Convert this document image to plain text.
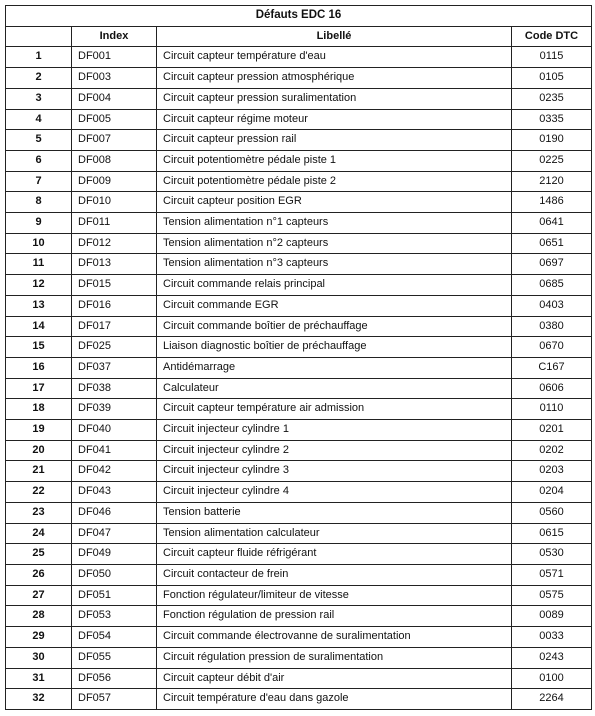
Défauts EDC 16			
	Index	Libellé	Code DTC
1	DF001	Circuit capteur température d'eau	0115
2	DF003	Circuit capteur pression atmosphérique	0105
3	DF004	Circuit capteur pression suralimentation	0235
4	DF005	Circuit capteur régime moteur	0335
5	DF007	Circuit capteur pression rail	0190
6	DF008	Circuit potentiomètre pédale piste 1	0225
7	DF009	Circuit potentiomètre pédale piste 2	2120
8	DF010	Circuit capteur position EGR	1486
9	DF011	Tension alimentation n°1 capteurs	0641
10	DF012	Tension alimentation n°2 capteurs	0651
11	DF013	Tension alimentation n°3 capteurs	0697
12	DF015	Circuit commande relais principal	0685
13	DF016	Circuit commande EGR	0403
14	DF017	Circuit commande boîtier de préchauffage	0380
15	DF025	Liaison diagnostic boîtier de préchauffage	0670
16	DF037	Antidémarrage	C167
17	DF038	Calculateur	0606
18	DF039	Circuit capteur température air admission	0110
19	DF040	Circuit injecteur cylindre 1	0201
20	DF041	Circuit injecteur cylindre 2	0202
21	DF042	Circuit injecteur cylindre 3	0203
22	DF043	Circuit injecteur cylindre 4	0204
23	DF046	Tension batterie	0560
24	DF047	Tension alimentation calculateur	0615
25	DF049	Circuit capteur fluide réfrigérant	0530
26	DF050	Circuit contacteur de frein	0571
27	DF051	Fonction régulateur/limiteur de vitesse	0575
28	DF053	Fonction régulation de pression rail	0089
29	DF054	Circuit commande électrovanne de suralimentation	0033
30	DF055	Circuit régulation pression de suralimentation	0243
31	DF056	Circuit capteur débit d'air	0100
32	DF057	Circuit température d'eau dans gazole	2264
